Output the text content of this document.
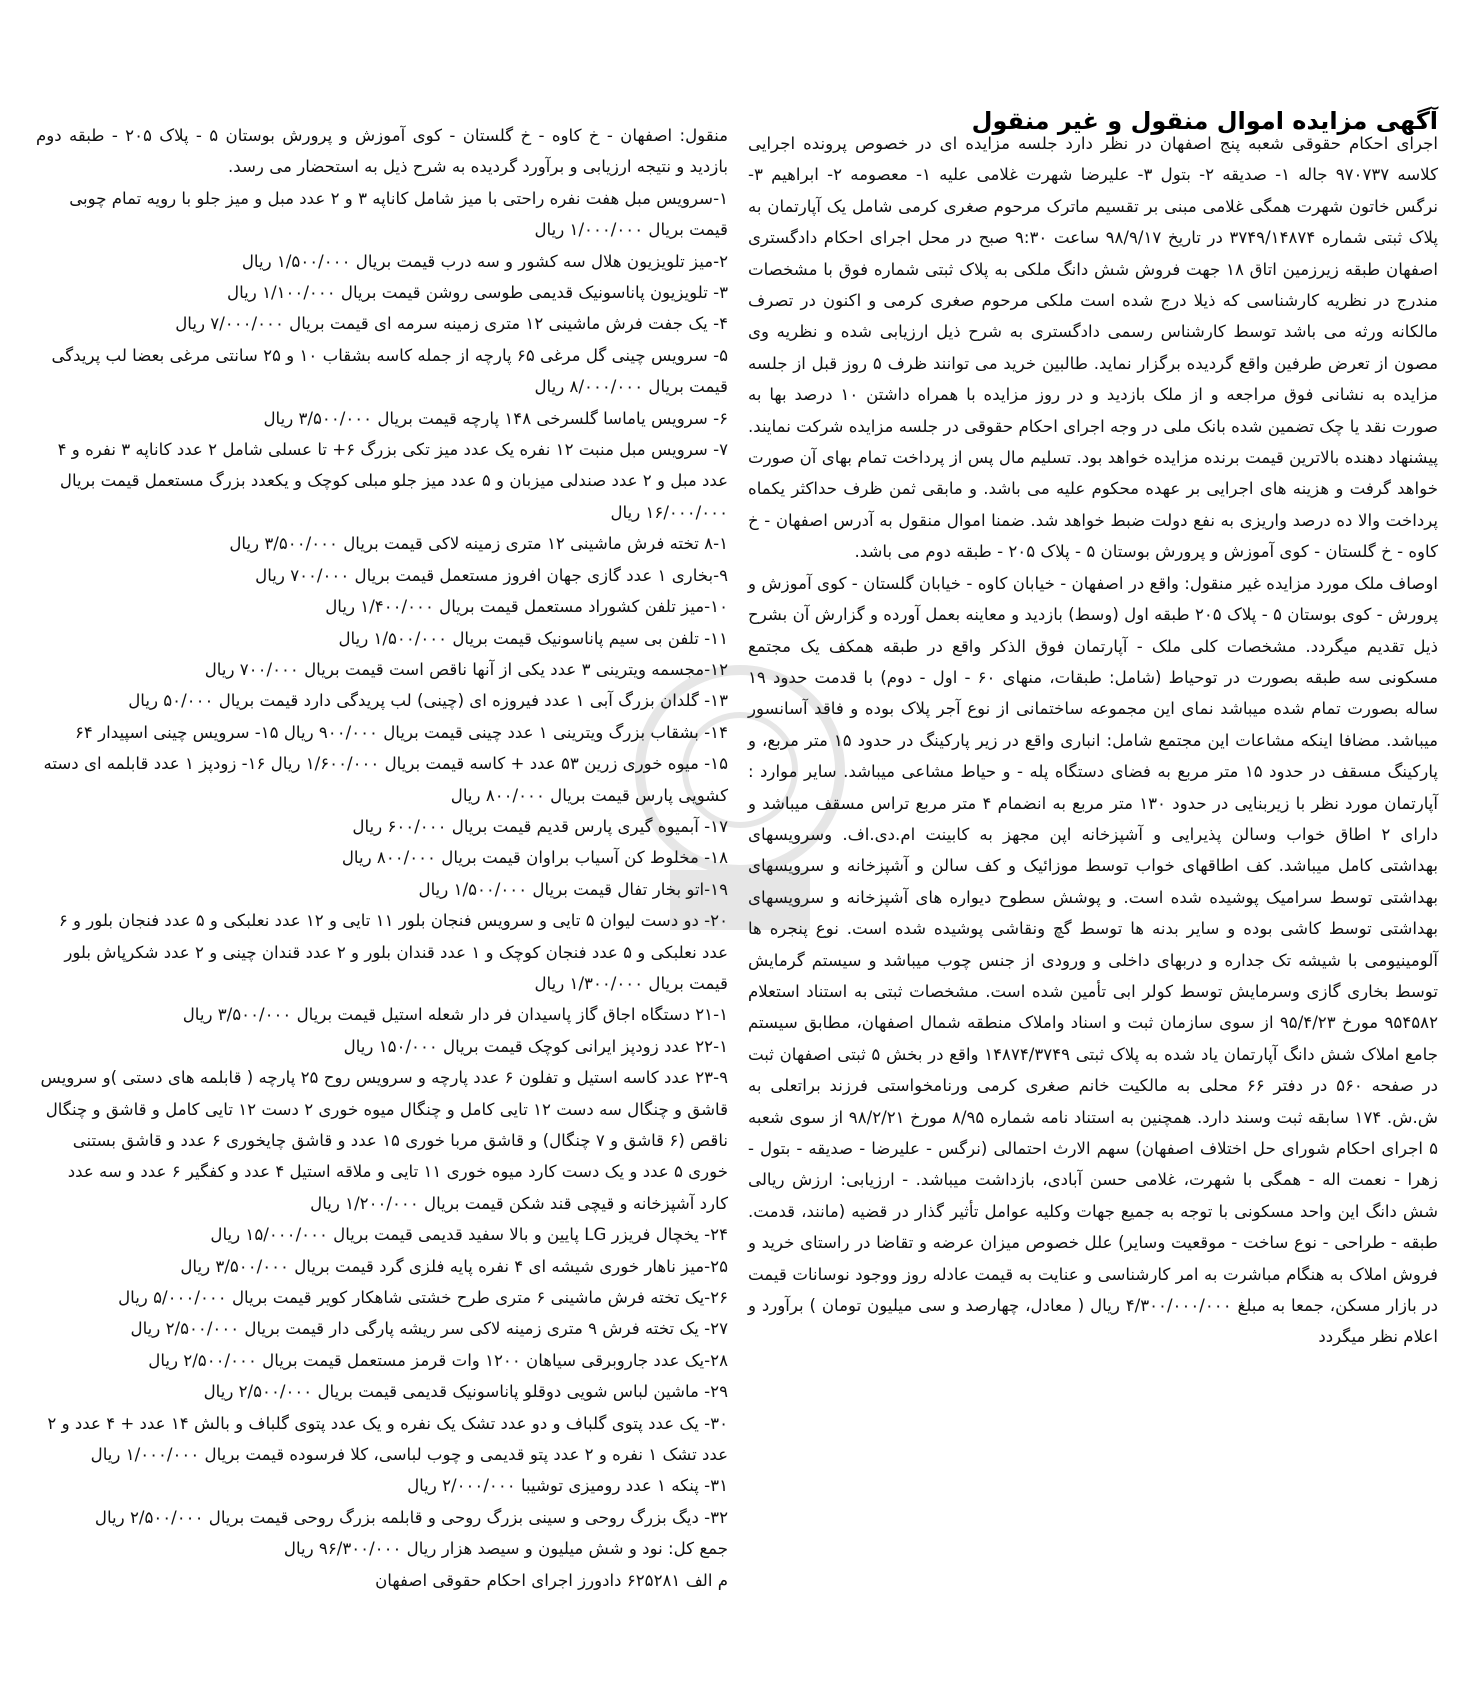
آگهی مزایده اموال منقول و غیر منقول

اجرای احکام حقوقی شعبه پنج اصفهان در نظر دارد جلسه مزایده ای در خصوص پرونده اجرایی کلاسه ۹۷۰۷۳۷ جاله ۱- صدیقه ۲- بتول ۳- علیرضا شهرت غلامی علیه ۱- معصومه ۲- ابراهیم ۳- نرگس خاتون شهرت همگی غلامی مبنی بر تقسیم ماترک مرحوم صغری کرمی شامل یک آپارتمان به پلاک ثبتی شماره ۳۷۴۹/۱۴۸۷۴ در تاریخ ۹۸/۹/۱۷ ساعت ۹:۳۰ صبح در محل اجرای احکام دادگستری اصفهان طبقه زیرزمین اتاق ۱۸ جهت فروش شش دانگ ملکی به پلاک ثبتی شماره فوق با مشخصات مندرج در نظریه کارشناسی که ذیلا درج شده است ملکی مرحوم صغری کرمی و اکنون در تصرف مالکانه ورثه می باشد توسط کارشناس رسمی دادگستری به شرح ذیل ارزیابی شده و نظریه وی مصون از تعرض طرفین واقع گردیده برگزار نماید. طالبین خرید می توانند ظرف ۵ روز قبل از جلسه مزایده به نشانی فوق مراجعه و از ملک بازدید و در روز مزایده با همراه داشتن ۱۰ درصد بها به صورت نقد یا چک تضمین شده بانک ملی در وجه اجرای احکام حقوقی در جلسه مزایده شرکت نمایند. پیشنهاد دهنده بالاترین قیمت برنده مزایده خواهد بود. تسلیم مال پس از پرداخت تمام بهای آن صورت خواهد گرفت و هزینه های اجرایی بر عهده محکوم علیه می باشد. و مابقی ثمن ظرف حداکثر یکماه پرداخت والا ده درصد واریزی به نفع دولت ضبط خواهد شد. ضمنا اموال منقول به آدرس اصفهان - خ کاوه - خ گلستان - کوی آموزش و پرورش بوستان ۵ - پلاک ۲۰۵ - طبقه دوم می باشد.

اوصاف ملک مورد مزایده غیر منقول: واقع در اصفهان - خیابان کاوه - خیابان گلستان - کوی آموزش و پرورش - کوی بوستان ۵ - پلاک ۲۰۵ طبقه اول (وسط) بازدید و معاینه بعمل آورده و گزارش آن بشرح ذیل تقدیم میگردد. مشخصات کلی ملک - آپارتمان فوق الذکر واقع در طبقه همکف یک مجتمع مسکونی سه طبقه بصورت در توحیاط (شامل: طبقات، منهای ۶۰ - اول - دوم) با قدمت حدود ۱۹ ساله بصورت تمام شده میباشد نمای این مجموعه ساختمانی از نوع آجر پلاک بوده و فاقد آسانسور میباشد. مضافا اینکه مشاعات این مجتمع شامل: انباری واقع در زیر پارکینگ در حدود ۱۵ متر مربع، و پارکینگ مسقف در حدود ۱۵ متر مربع به فضای دستگاه پله - و حیاط مشاعی میباشد. سایر موارد : آپارتمان مورد نظر با زیربنایی در حدود ۱۳۰ متر مربع به انضمام ۴ متر مربع تراس مسقف میباشد و دارای ۲ اطاق خواب وسالن پذیرایی و آشپزخانه اپن مجهز به کابینت ام.دی.اف. وسرویسهای بهداشتی کامل میباشد. کف اطاقهای خواب توسط موزائیک و کف سالن و آشپزخانه و سرویسهای بهداشتی توسط سرامیک پوشیده شده است. و پوشش سطوح دیواره های آشپزخانه و سرویسهای بهداشتی توسط کاشی بوده و سایر بدنه ها توسط گچ ونقاشی پوشیده شده است. نوع پنجره ها آلومینیومی با شیشه تک جداره و دربهای داخلی و ورودی از جنس چوب میباشد و سیستم گرمایش توسط بخاری گازی وسرمایش توسط کولر ابی تأمین شده است. مشخصات ثبتی به استناد استعلام ۹۵۴۵۸۲ مورخ ۹۵/۴/۲۳ از سوی سازمان ثبت و اسناد واملاک منطقه شمال اصفهان، مطابق سیستم جامع املاک شش دانگ آپارتمان یاد شده به پلاک ثبتی ۱۴۸۷۴/۳۷۴۹ واقع در بخش ۵ ثبتی اصفهان ثبت در صفحه ۵۶۰ در دفتر ۶۶ محلی به مالکیت خانم صغری کرمی ورنامخواستی فرزند براتعلی به ش.ش. ۱۷۴ سابقه ثبت وسند دارد. همچنین به استناد نامه شماره ۸/۹۵ مورخ ۹۸/۲/۲۱ از سوی شعبه ۵ اجرای احکام شورای حل اختلاف اصفهان) سهم الارث احتمالی (نرگس - علیرضا - صدیقه - بتول - زهرا - نعمت اله - همگی با شهرت، غلامی حسن آبادی، بازداشت میباشد. - ارزیابی: ارزش ریالی شش دانگ این واحد مسکونی با توجه به جمیع جهات وکلیه عوامل تأثیر گذار در قضیه (مانند، قدمت. طبقه - طراحی - نوع ساخت - موقعیت وسایر) علل خصوص میزان عرضه و تقاضا در راستای خرید و فروش املاک به هنگام مباشرت به امر کارشناسی و عنایت به قیمت عادله روز ووجود نوسانات قیمت در بازار مسکن، جمعا به مبلغ ۴/۳۰۰/۰۰۰/۰۰۰ ریال ( معادل، چهارصد و سی میلیون تومان ) برآورد و اعلام نظر میگردد

منقول: اصفهان - خ کاوه - خ گلستان - کوی آموزش و پرورش بوستان ۵ - پلاک ۲۰۵ - طبقه دوم بازدید و نتیجه ارزیابی و برآورد گردیده به شرح ذیل به استحضار می رسد.

۱-سرویس مبل هفت نفره راحتی با میز شامل کاناپه ۳ و ۲ عدد مبل و میز جلو با رویه تمام چوبی قیمت بریال ۱/۰۰۰/۰۰۰ ریال

۲-میز تلویزیون هلال سه کشور و سه درب قیمت بریال ۱/۵۰۰/۰۰۰ ریال

۳- تلویزیون پاناسونیک قدیمی طوسی روشن قیمت بریال ۱/۱۰۰/۰۰۰ ریال

۴- یک جفت فرش ماشینی ۱۲ متری زمینه سرمه ای قیمت بریال ۷/۰۰۰/۰۰۰ ریال

۵- سرویس چینی گل مرغی ۶۵ پارچه از جمله کاسه بشقاب ۱۰ و ۲۵ سانتی مرغی بعضا لب پریدگی قیمت بریال ۸/۰۰۰/۰۰۰ ریال

۶- سرویس یاماسا گلسرخی ۱۴۸ پارچه قیمت بریال ۳/۵۰۰/۰۰۰ ریال

۷- سرویس مبل منبت ۱۲ نفره یک عدد میز تکی بزرگ ۶+ تا عسلی شامل ۲ عدد کاناپه ۳ نفره و ۴ عدد مبل و ۲ عدد صندلی میزبان و ۵ عدد میز جلو مبلی کوچک و یکعدد بزرگ مستعمل قیمت بریال ۱۶/۰۰۰/۰۰۰ ریال

۸-۱ تخته فرش ماشینی ۱۲ متری زمینه لاکی قیمت بریال ۳/۵۰۰/۰۰۰ ریال

۹-بخاری ۱ عدد گازی جهان افروز مستعمل قیمت بریال ۷۰۰/۰۰۰ ریال

۱۰-میز تلفن کشوراد مستعمل قیمت بریال ۱/۴۰۰/۰۰۰ ریال

۱۱- تلفن بی سیم پاناسونیک قیمت بریال ۱/۵۰۰/۰۰۰ ریال

۱۲-مجسمه ویترینی ۳ عدد یکی از آنها ناقص است قیمت بریال ۷۰۰/۰۰۰ ریال

۱۳- گلدان بزرگ آبی ۱ عدد فیروزه ای (چینی) لب پریدگی دارد قیمت بریال ۵۰/۰۰۰ ریال

۱۴- بشقاب بزرگ ویترینی ۱ عدد چینی قیمت بریال ۹۰۰/۰۰۰ ریال ۱۵- سرویس چینی اسپیدار ۶۴

۱۵- میوه خوری زرین ۵۳ عدد + کاسه قیمت بریال ۱/۶۰۰/۰۰۰ ریال ۱۶- زودپز ۱ عدد قابلمه ای دسته کشویی پارس قیمت بریال ۸۰۰/۰۰۰ ریال

۱۷- آبمیوه گیری پارس قدیم قیمت بریال ۶۰۰/۰۰۰ ریال

۱۸- مخلوط کن آسیاب براوان قیمت بریال ۸۰۰/۰۰۰ ریال

۱۹-اتو بخار تفال قیمت بریال ۱/۵۰۰/۰۰۰ ریال

۲۰- دو دست لیوان ۵ تایی و سرویس فنجان بلور ۱۱ تایی و ۱۲ عدد نعلبکی و ۵ عدد فنجان بلور و ۶ عدد نعلبکی و ۵ عدد فنجان کوچک و ۱ عدد قندان بلور و ۲ عدد قندان چینی و ۲ عدد شکرپاش بلور قیمت بریال ۱/۳۰۰/۰۰۰ ریال

۲۱-۱ دستگاه اجاق گاز پاسیدان فر دار شعله استیل قیمت بریال ۳/۵۰۰/۰۰۰ ریال

۲۲-۱ عدد زودپز ایرانی کوچک قیمت بریال ۱۵۰/۰۰۰ ریال

۲۳-۹ عدد کاسه استیل و تفلون ۶ عدد پارچه و سرویس روح ۲۵ پارچه ( قابلمه های دستی )و سرویس قاشق و چنگال سه دست ۱۲ تایی کامل و چنگال میوه خوری ۲ دست ۱۲ تایی کامل و قاشق و چنگال ناقص (۶ قاشق و ۷ چنگال) و قاشق مربا خوری ۱۵ عدد و قاشق چایخوری ۶ عدد و قاشق بستنی خوری ۵ عدد و یک دست کارد میوه خوری ۱۱ تایی و ملاقه استیل ۴ عدد و کفگیر ۶ عدد و سه عدد کارد آشپزخانه و قیچی قند شکن قیمت بریال ۱/۲۰۰/۰۰۰ ریال

۲۴- یخچال فریزر LG پایین و بالا سفید قدیمی قیمت بریال ۱۵/۰۰۰/۰۰۰ ریال

۲۵-میز ناهار خوری شیشه ای ۴ نفره پایه فلزی گرد قیمت بریال ۳/۵۰۰/۰۰۰ ریال

۲۶-یک تخته فرش ماشینی ۶ متری طرح خشتی شاهکار کویر قیمت بریال ۵/۰۰۰/۰۰۰ ریال

۲۷- یک تخته فرش ۹ متری زمینه لاکی سر ریشه پارگی دار قیمت بریال ۲/۵۰۰/۰۰۰ ریال

۲۸-یک عدد جاروبرقی سیاهان ۱۲۰۰ وات قرمز مستعمل قیمت بریال ۲/۵۰۰/۰۰۰ ریال

۲۹- ماشین لباس شویی دوقلو پاناسونیک قدیمی قیمت بریال ۲/۵۰۰/۰۰۰ ریال

۳۰- یک عدد پتوی گلباف و دو عدد تشک یک نفره و یک عدد پتوی گلباف و بالش ۱۴ عدد + ۴ عدد و ۲ عدد تشک ۱ نفره و ۲ عدد پتو قدیمی و چوب لباسی، کلا فرسوده قیمت بریال ۱/۰۰۰/۰۰۰ ریال

۳۱- پنکه ۱ عدد رومیزی توشیبا ۲/۰۰۰/۰۰۰ ریال

۳۲- دیگ بزرگ روحی و سینی بزرگ روحی و قابلمه بزرگ روحی قیمت بریال ۲/۵۰۰/۰۰۰ ریال

جمع کل: نود و شش میلیون و سیصد هزار ریال ۹۶/۳۰۰/۰۰۰ ریال

م الف ۶۲۵۲۸۱ دادورز اجرای احکام حقوقی اصفهان
